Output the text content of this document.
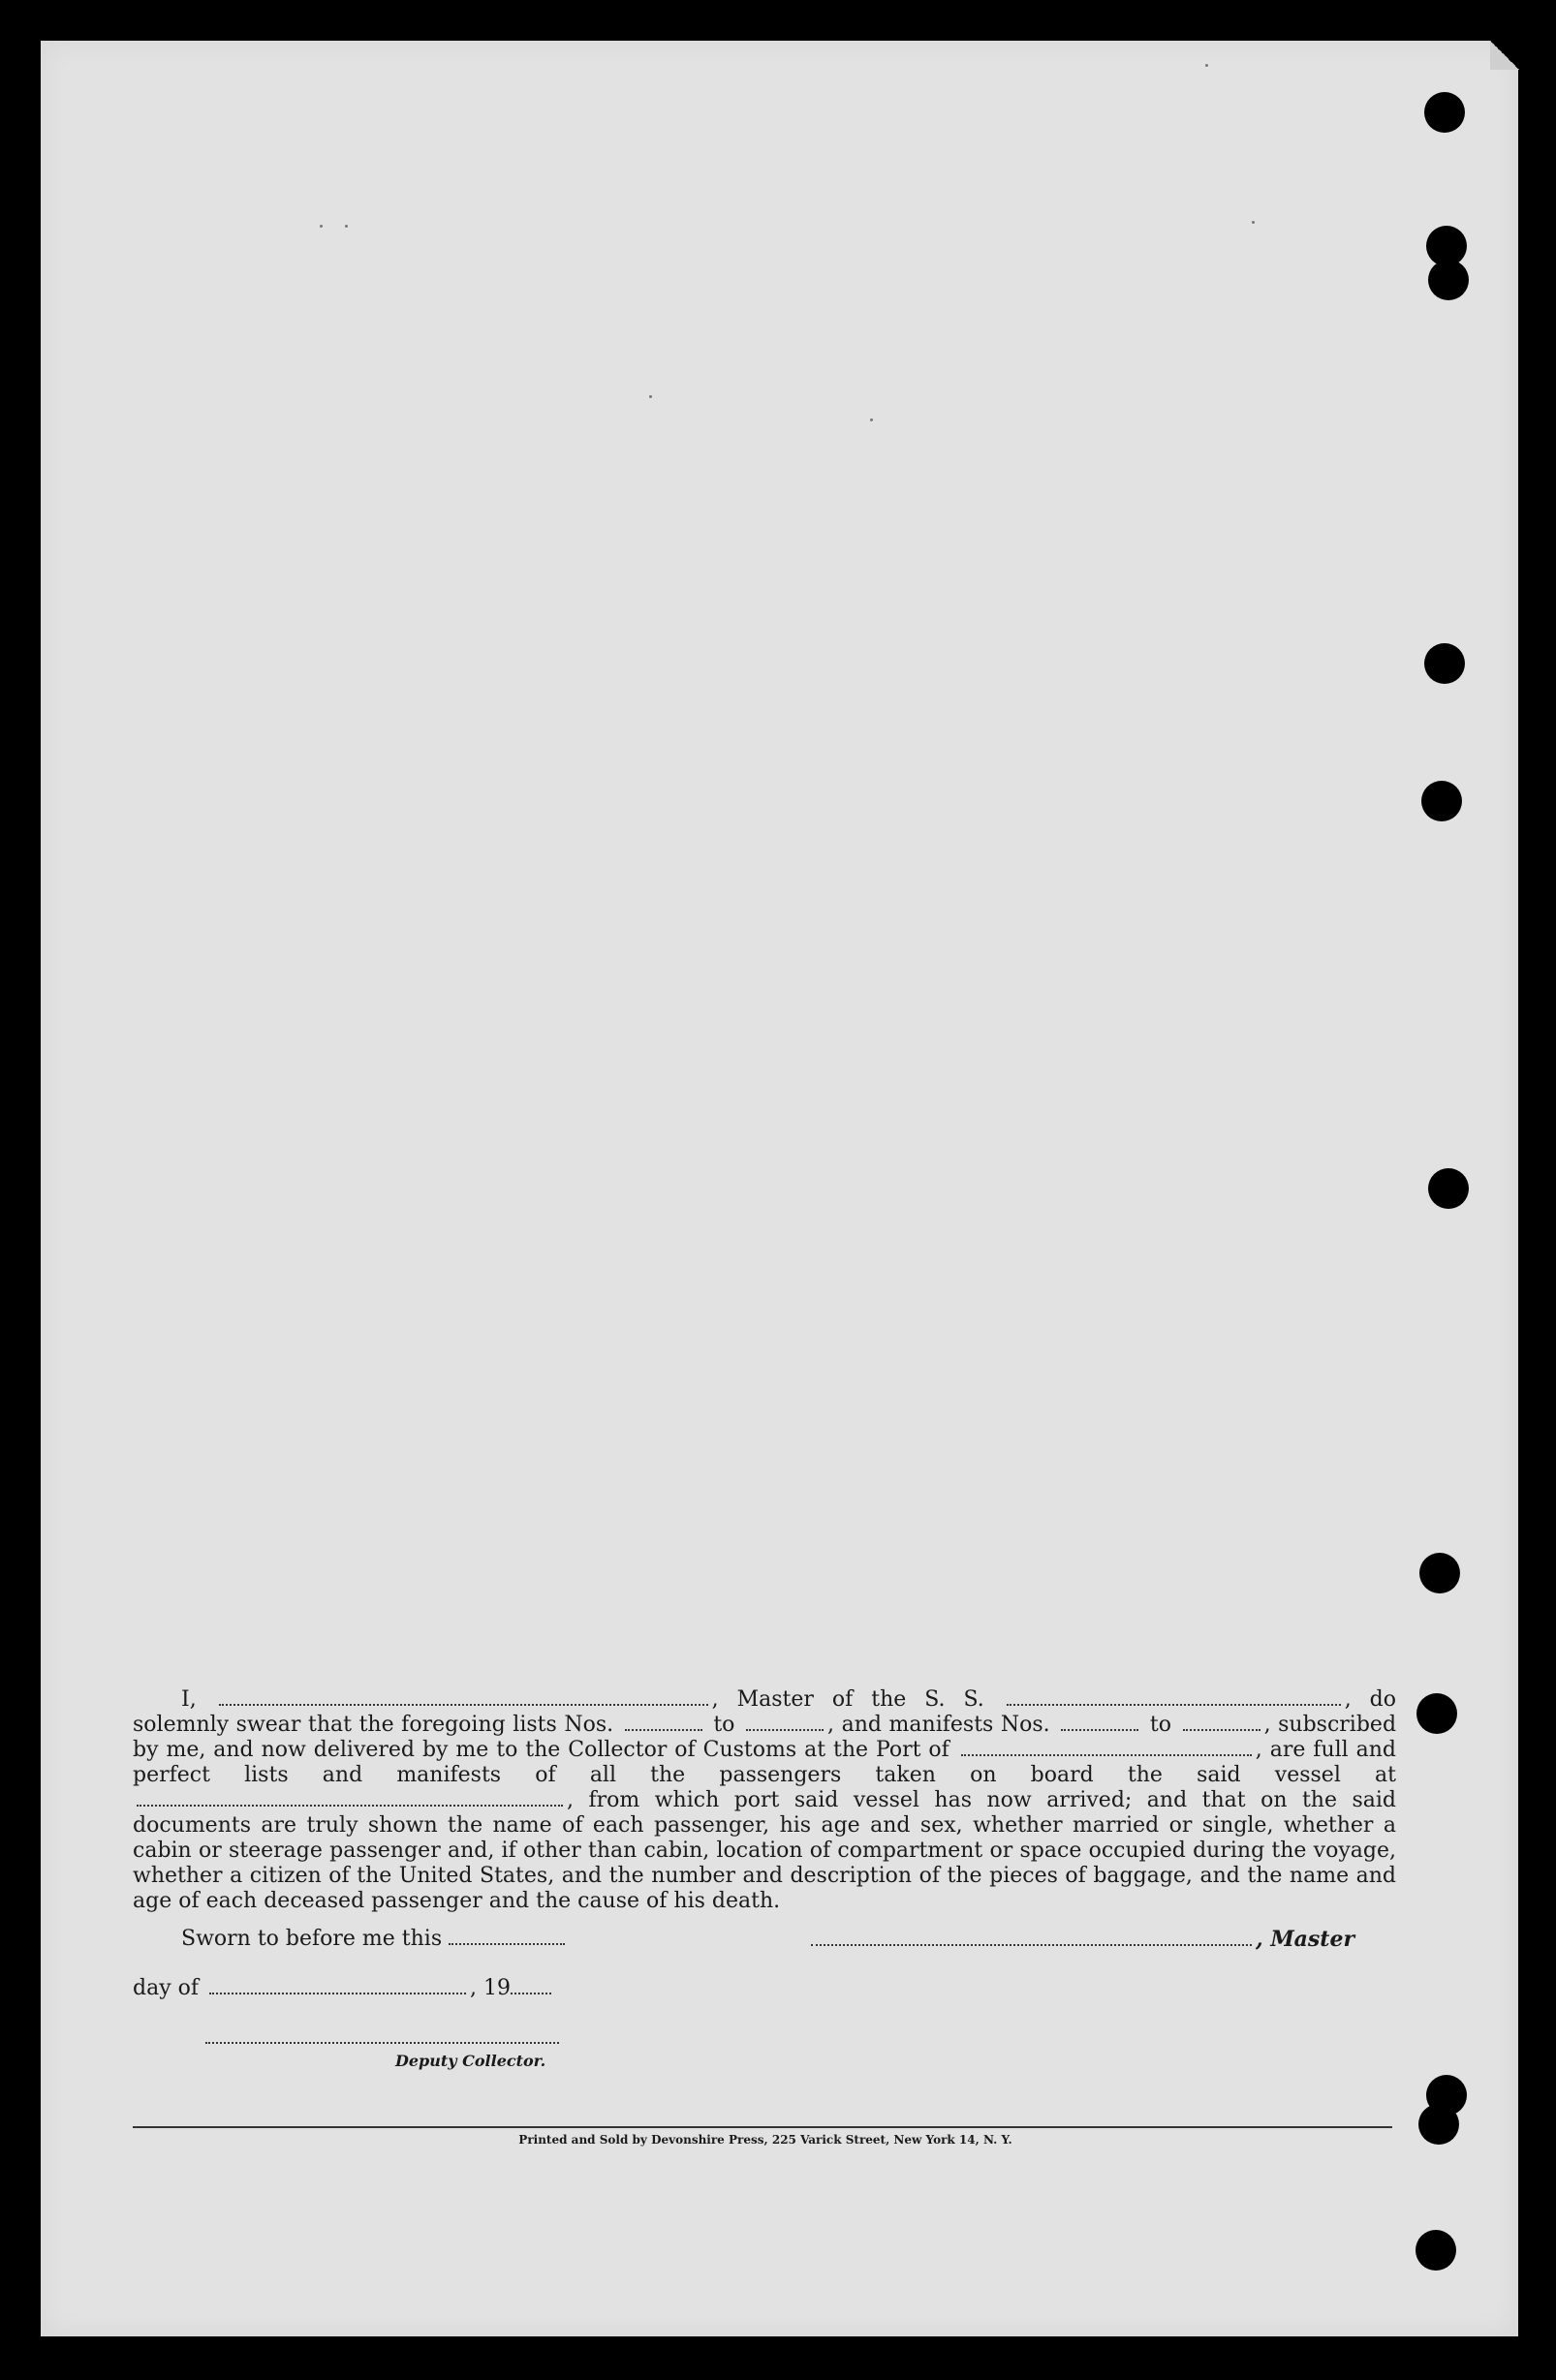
I,	, Master of the S. S.	, do solemnly swear that the foregoing lists Nos.	to	, and manifests Nos.	to	, subscribed by me, and now delivered by me to the Collector of Customs at the Port of	, are full and perfect lists and manifests of all the passengers taken on board the said vessel at , from which port said vessel has now arrived; and that on the said documents are truly shown the name of each passenger, his age and sex, whether married or single, whether a cabin or steerage passenger and, if other than cabin, location of compartment or space occupied during the voyage, whether a citizen of the United States, and the number and description of the pieces of baggage, and the name and age of each deceased passenger and the cause of his death.

Sworn to before me this	, Master
day of	, 19
Deputy Collector.
Printed and Sold by Devonshire Press, 225 Varick Street, New York 14, N. Y.
